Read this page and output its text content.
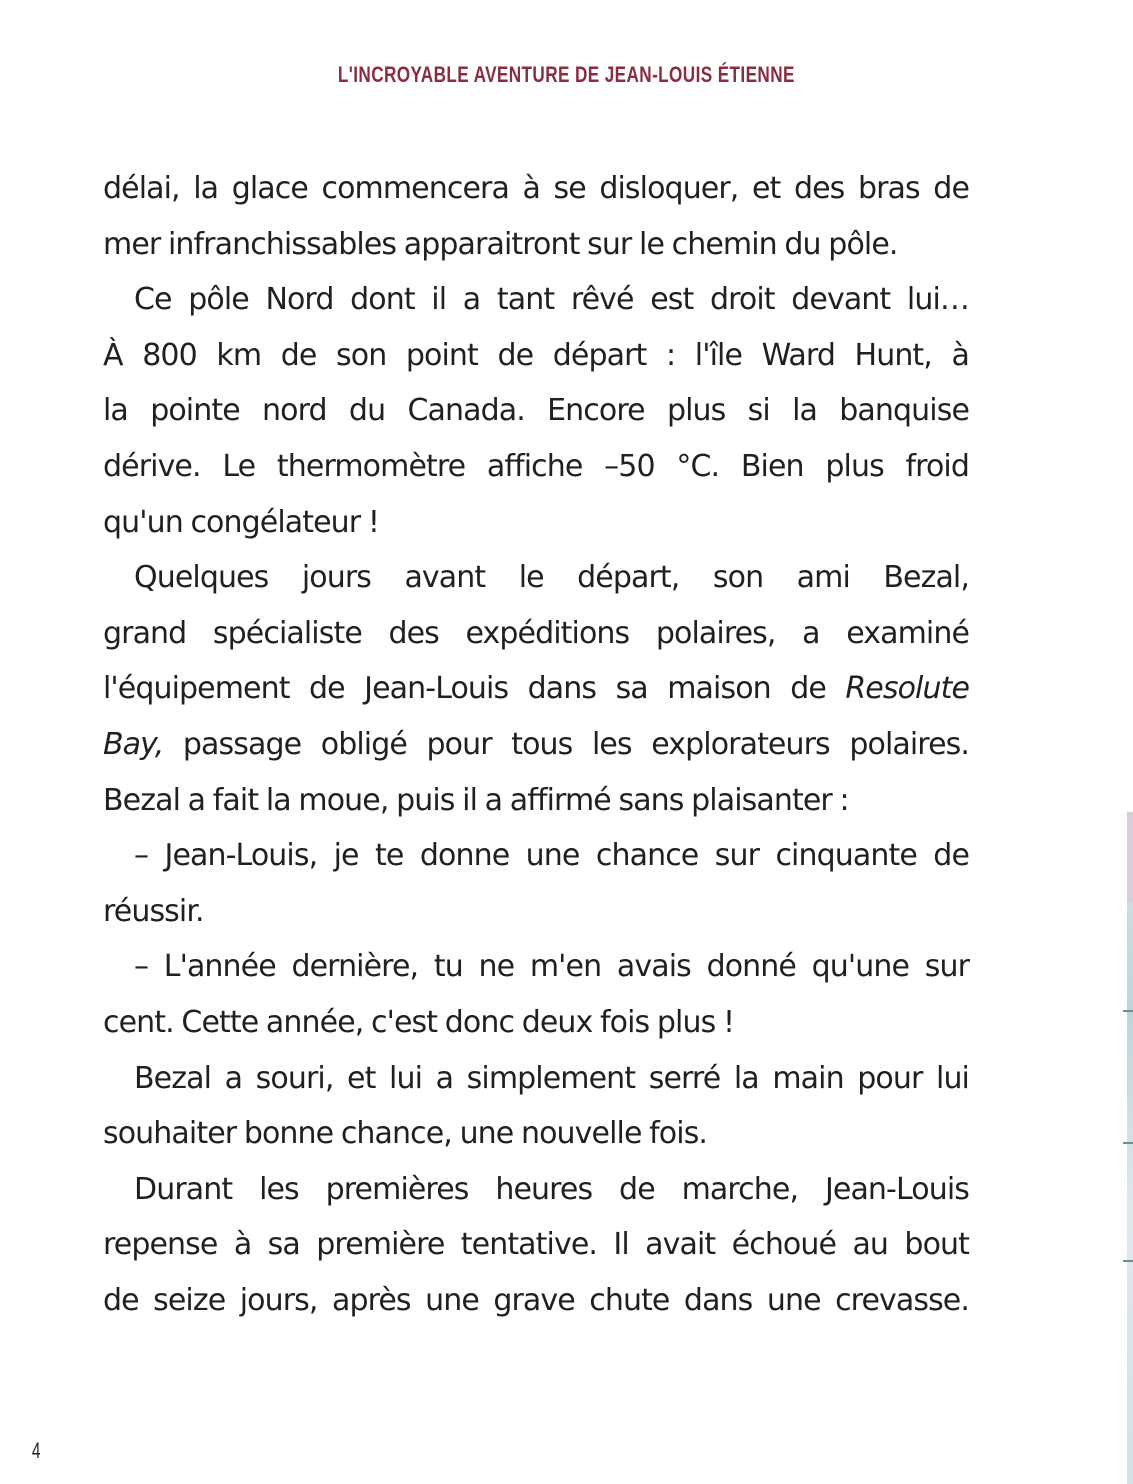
L'INCROYABLE AVENTURE DE JEAN-LOUIS ÉTIENNE
délai, la glace commencera à se disloquer, et des bras de
mer infranchissables apparaitront sur le chemin du pôle.
Ce pôle Nord dont il a tant rêvé est droit devant lui…
À 800 km de son point de départ : l'île Ward Hunt, à
la pointe nord du Canada. Encore plus si la banquise
dérive. Le thermomètre affiche –50 °C. Bien plus froid
qu'un congélateur !
Quelques jours avant le départ, son ami Bezal,
grand spécialiste des expéditions polaires, a examiné
l'équipement de Jean-Louis dans sa maison de Resolute
Bay, passage obligé pour tous les explorateurs polaires.
Bezal a fait la moue, puis il a affirmé sans plaisanter :
– Jean-Louis, je te donne une chance sur cinquante de
réussir.
– L'année dernière, tu ne m'en avais donné qu'une sur
cent. Cette année, c'est donc deux fois plus !
Bezal a souri, et lui a simplement serré la main pour lui
souhaiter bonne chance, une nouvelle fois.
Durant les premières heures de marche, Jean-Louis
repense à sa première tentative. Il avait échoué au bout
de seize jours, après une grave chute dans une crevasse.
4
